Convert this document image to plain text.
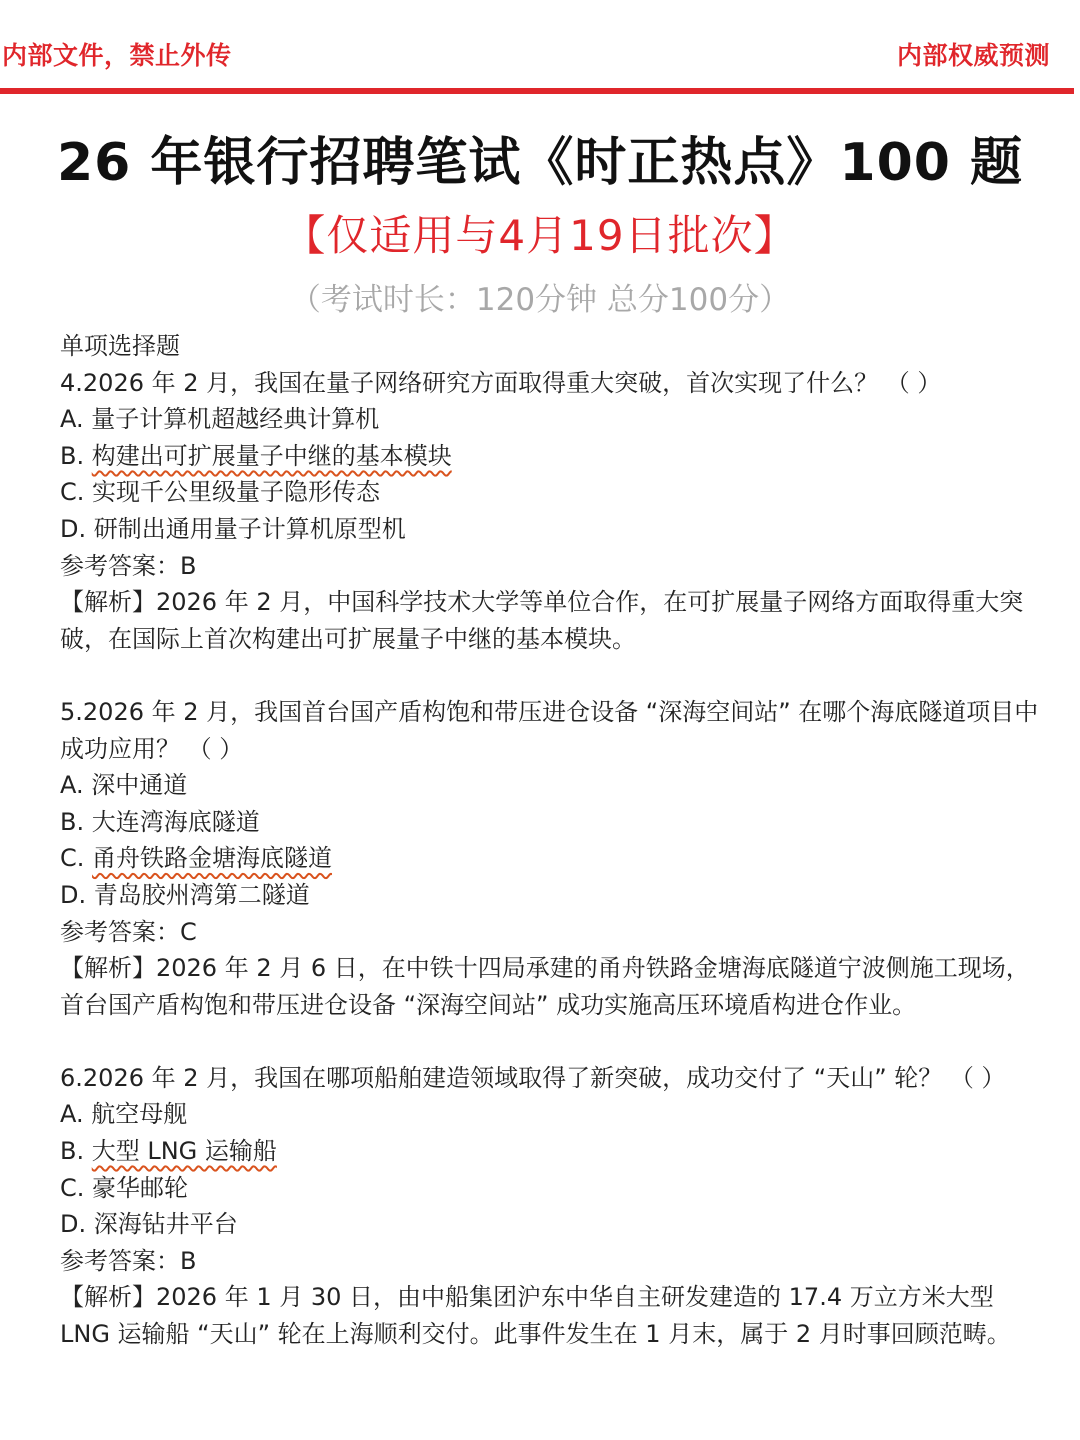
内部文件，禁止外传	内部权威预测
26 年银行招聘笔试《时正热点》100 题
【仅适用与4月19日批次】
（考试时长：120分钟 总分100分）
单项选择题
4.2026 年 2 月，我国在量子网络研究方面取得重大突破，首次实现了什么？ （ ）
A. 量子计算机超越经典计算机
B. 构建出可扩展量子中继的基本模块
C. 实现千公里级量子隐形传态
D. 研制出通用量子计算机原型机
参考答案：B
【解析】2026 年 2 月，中国科学技术大学等单位合作，在可扩展量子网络方面取得重大突破，在国际上首次构建出可扩展量子中继的基本模块。
5.2026 年 2 月，我国首台国产盾构饱和带压进仓设备 “深海空间站” 在哪个海底隧道项目中成功应用？ （ ）
A. 深中通道
B. 大连湾海底隧道
C. 甬舟铁路金塘海底隧道
D. 青岛胶州湾第二隧道
参考答案：C
【解析】2026 年 2 月 6 日，在中铁十四局承建的甬舟铁路金塘海底隧道宁波侧施工现场，首台国产盾构饱和带压进仓设备 “深海空间站” 成功实施高压环境盾构进仓作业。
6.2026 年 2 月，我国在哪项船舶建造领域取得了新突破，成功交付了 “天山” 轮？ （ ）
A. 航空母舰
B. 大型 LNG 运输船
C. 豪华邮轮
D. 深海钻井平台
参考答案：B
【解析】2026 年 1 月 30 日，由中船集团沪东中华自主研发建造的 17.4 万立方米大型 LNG 运输船 “天山” 轮在上海顺利交付。此事件发生在 1 月末，属于 2 月时事回顾范畴。
